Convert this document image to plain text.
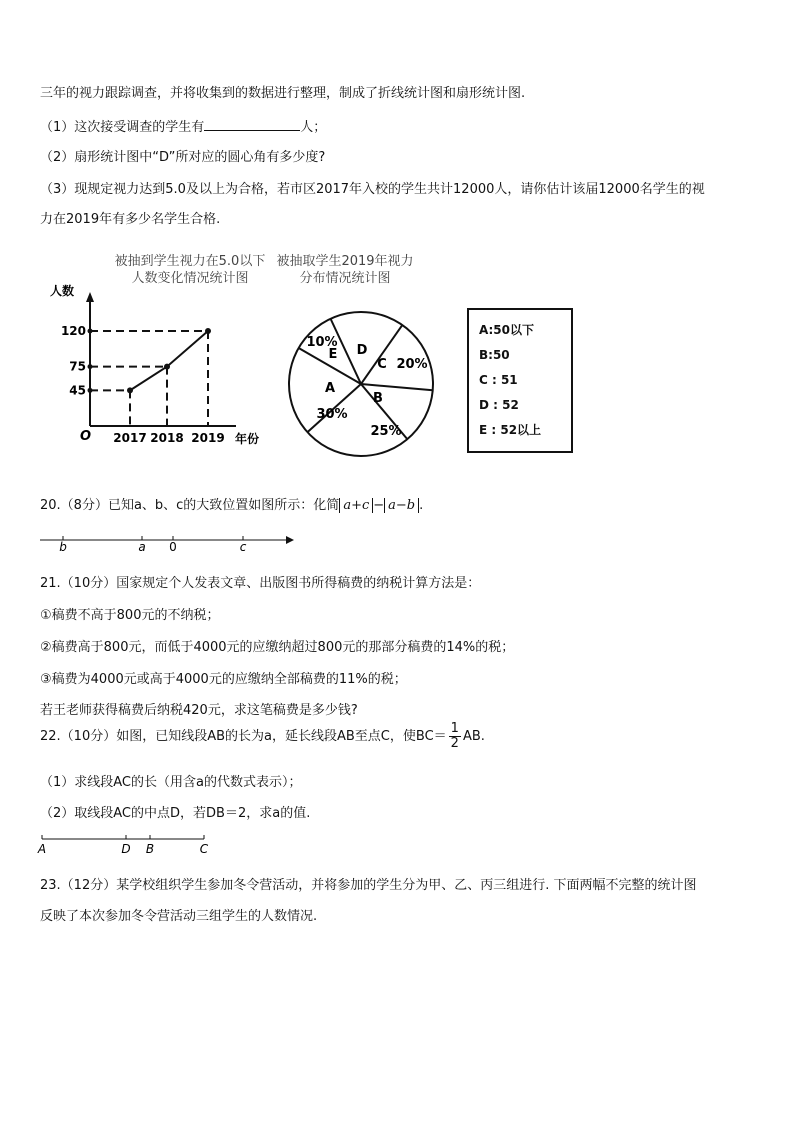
三年的视力跟踪调查，并将收集到的数据进行整理，制成了折线统计图和扇形统计图.
（1）这次接受调查的学生有	人；
（2）扇形统计图中“D”所对应的圆心角有多少度?
（3）现规定视力达到5.0及以上为合格，若市区2017年入校的学生共计12000人，请你估计该届12000名学生的视
力在2019年有多少名学生合格.
被抽到学生视力在5.0以下
人数变化情况统计图
人数
O	年份
45
2017
75
2018
120
2019
被抽取学生2019年视力
分布情况统计图
A
30%
B
25%
C 20%
D
E
10%
A:50以下
B:50
C : 51
D : 52
E : 52以上
20.（8分）已知a、b、c的大致位置如图所示：化简 a+c − a−b .
b	a 0	c
21.（10分）国家规定个人发表文章、出版图书所得稿费的纳税计算方法是：
①稿费不高于800元的不纳税；
②稿费高于800元，而低于4000元的应缴纳超过800元的那部分稿费的14%的税；
③稿费为4000元或高于4000元的应缴纳全部稿费的11%的税；
若王老师获得稿费后纳税420元，求这笔稿费是多少钱?
22.（10分）如图，已知线段AB的长为a，延长线段AB至点C，使$BC= \frac{1}{2}$ AB.
（1）求线段AC的长（用含a的代数式表示）；
（2）取线段AC的中点D，若DB＝2，求a的值.
A	D B	C
23.（12分）某学校组织学生参加冬令营活动，并将参加的学生分为甲、乙、丙三组进行. 下面两幅不完整的统计图
反映了本次参加冬令营活动三组学生的人数情况.
